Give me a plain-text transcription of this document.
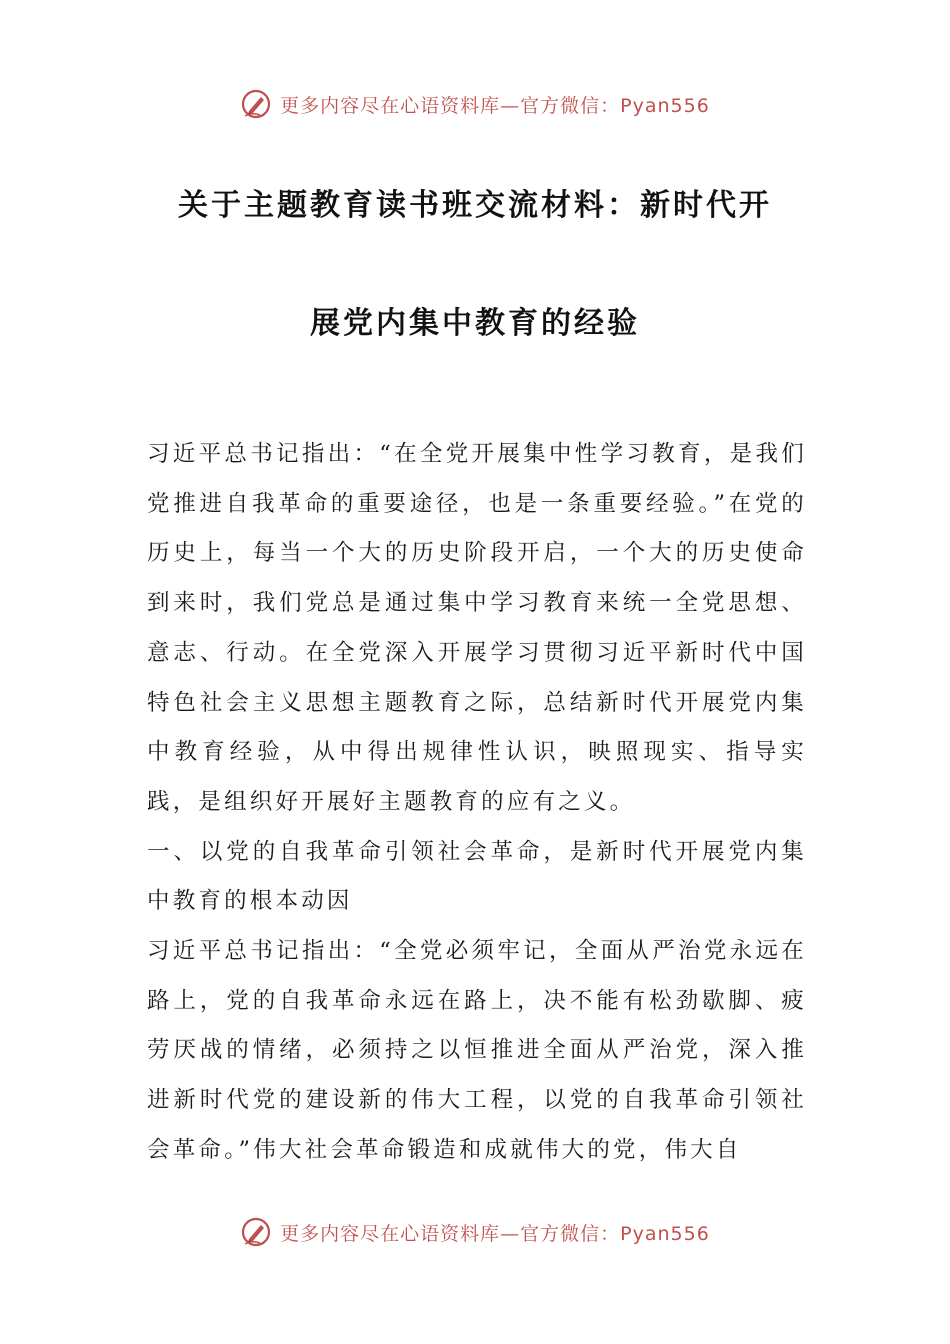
更多内容尽在心语资料库—官方微信：Pyan556
关于主题教育读书班交流材料：新时代开
展党内集中教育的经验

习近平总书记指出：“在全党开展集中性学习教育，是我们党推进自我革命的重要途径，也是一条重要经验。”在党的历史上，每当一个大的历史阶段开启，一个大的历史使命到来时，我们党总是通过集中学习教育来统一全党思想、意志、行动。在全党深入开展学习贯彻习近平新时代中国特色社会主义思想主题教育之际，总结新时代开展党内集中教育经验，从中得出规律性认识，映照现实、指导实践，是组织好开展好主题教育的应有之义。

一、以党的自我革命引领社会革命，是新时代开展党内集中教育的根本动因

习近平总书记指出：“全党必须牢记，全面从严治党永远在路上，党的自我革命永远在路上，决不能有松劲歇脚、疲劳厌战的情绪，必须持之以恒推进全面从严治党，深入推进新时代党的建设新的伟大工程，以党的自我革命引领社会革命。”伟大社会革命锻造和成就伟大的党，伟大自

更多内容尽在心语资料库—官方微信：Pyan556
